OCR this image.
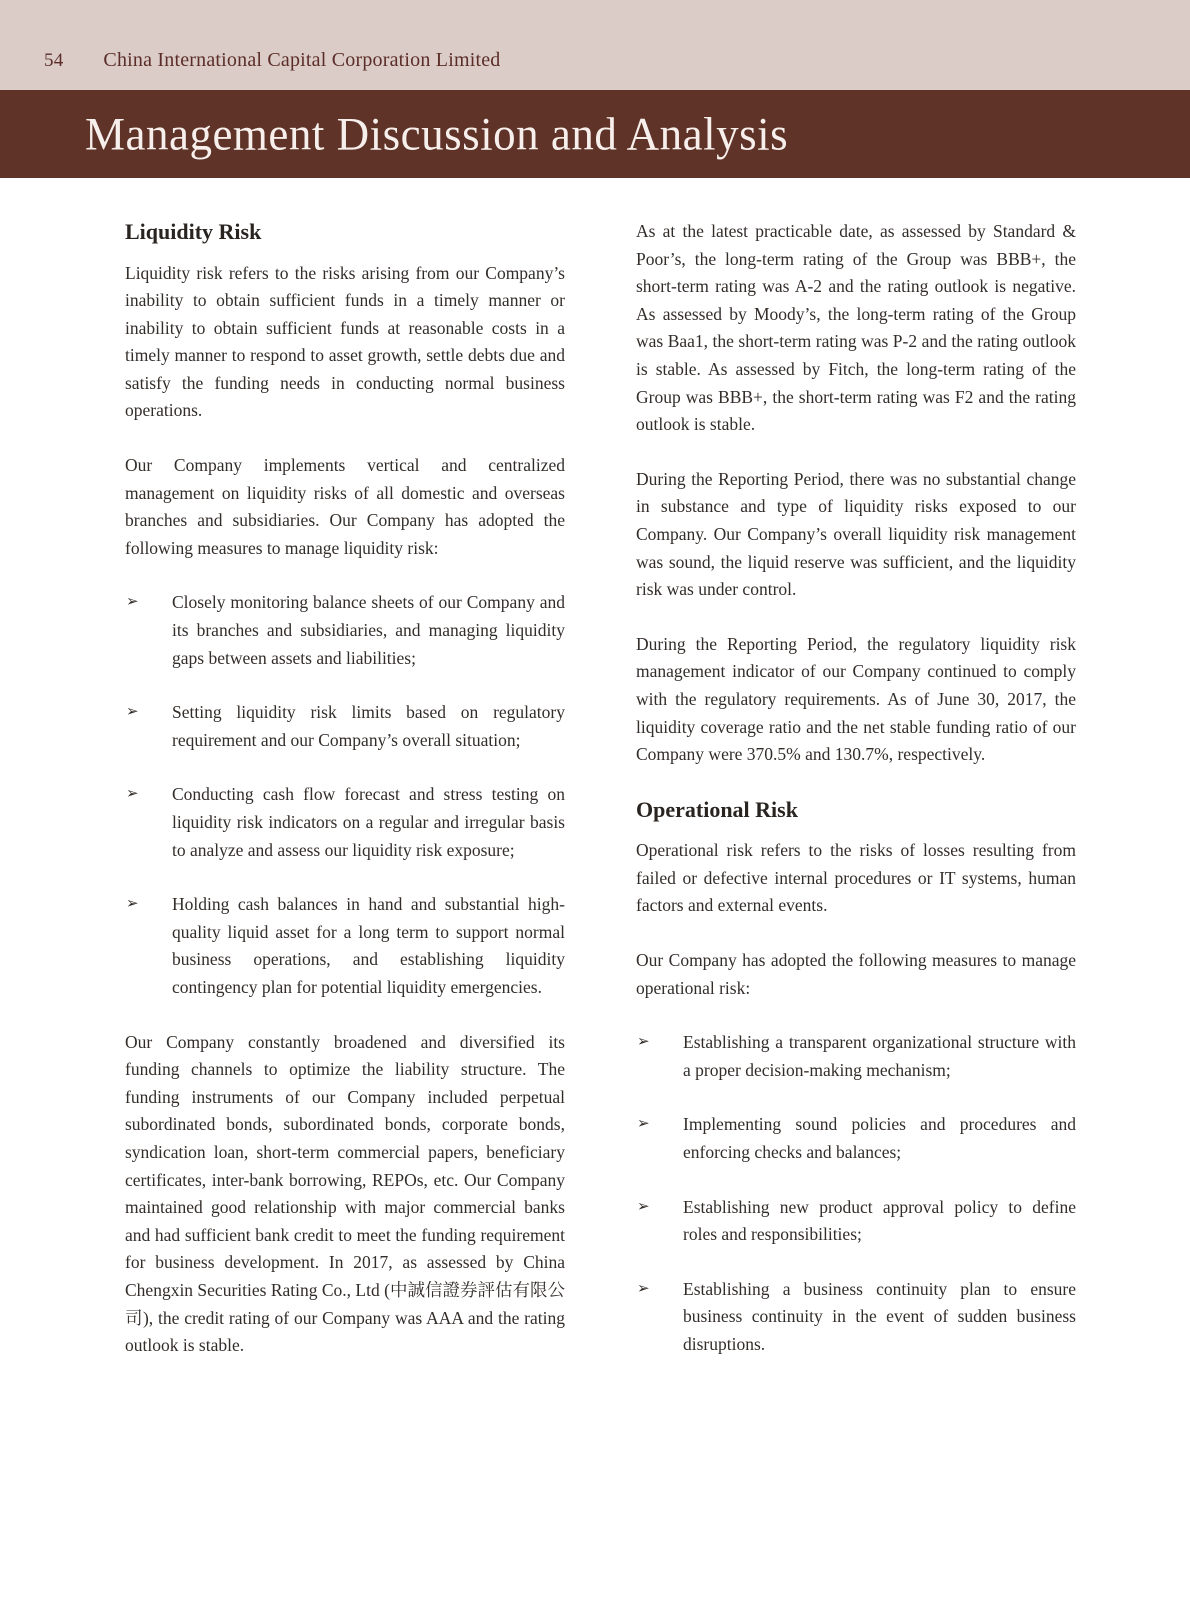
54 China International Capital Corporation Limited
Management Discussion and Analysis
Liquidity Risk

Liquidity risk refers to the risks arising from our Company’s inability to obtain sufficient funds in a timely manner or inability to obtain sufficient funds at reasonable costs in a timely manner to respond to asset growth, settle debts due and satisfy the funding needs in conducting normal business operations.

Our Company implements vertical and centralized management on liquidity risks of all domestic and overseas branches and subsidiaries. Our Company has adopted the following measures to manage liquidity risk:

➢ Closely monitoring balance sheets of our Company and its branches and subsidiaries, and managing liquidity gaps between assets and liabilities;
➢ Setting liquidity risk limits based on regulatory requirement and our Company’s overall situation;
➢ Conducting cash flow forecast and stress testing on liquidity risk indicators on a regular and irregular basis to analyze and assess our liquidity risk exposure;
➢ Holding cash balances in hand and substantial high-quality liquid asset for a long term to support normal business operations, and establishing liquidity contingency plan for potential liquidity emergencies.

Our Company constantly broadened and diversified its funding channels to optimize the liability structure. The funding instruments of our Company included perpetual subordinated bonds, subordinated bonds, corporate bonds, syndication loan, short-term commercial papers, beneficiary certificates, inter-bank borrowing, REPOs, etc. Our Company maintained good relationship with major commercial banks and had sufficient bank credit to meet the funding requirement for business development. In 2017, as assessed by China Chengxin Securities Rating Co., Ltd (中誠信證券評估有限公司), the credit rating of our Company was AAA and the rating outlook is stable.

As at the latest practicable date, as assessed by Standard & Poor’s, the long-term rating of the Group was BBB+, the short-term rating was A-2 and the rating outlook is negative. As assessed by Moody’s, the long-term rating of the Group was Baa1, the short-term rating was P-2 and the rating outlook is stable. As assessed by Fitch, the long-term rating of the Group was BBB+, the short-term rating was F2 and the rating outlook is stable.

During the Reporting Period, there was no substantial change in substance and type of liquidity risks exposed to our Company. Our Company’s overall liquidity risk management was sound, the liquid reserve was sufficient, and the liquidity risk was under control.

During the Reporting Period, the regulatory liquidity risk management indicator of our Company continued to comply with the regulatory requirements. As of June 30, 2017, the liquidity coverage ratio and the net stable funding ratio of our Company were 370.5% and 130.7%, respectively.

Operational Risk

Operational risk refers to the risks of losses resulting from failed or defective internal procedures or IT systems, human factors and external events.

Our Company has adopted the following measures to manage operational risk:

➢ Establishing a transparent organizational structure with a proper decision-making mechanism;
➢ Implementing sound policies and procedures and enforcing checks and balances;
➢ Establishing new product approval policy to define roles and responsibilities;
➢ Establishing a business continuity plan to ensure business continuity in the event of sudden business disruptions.
